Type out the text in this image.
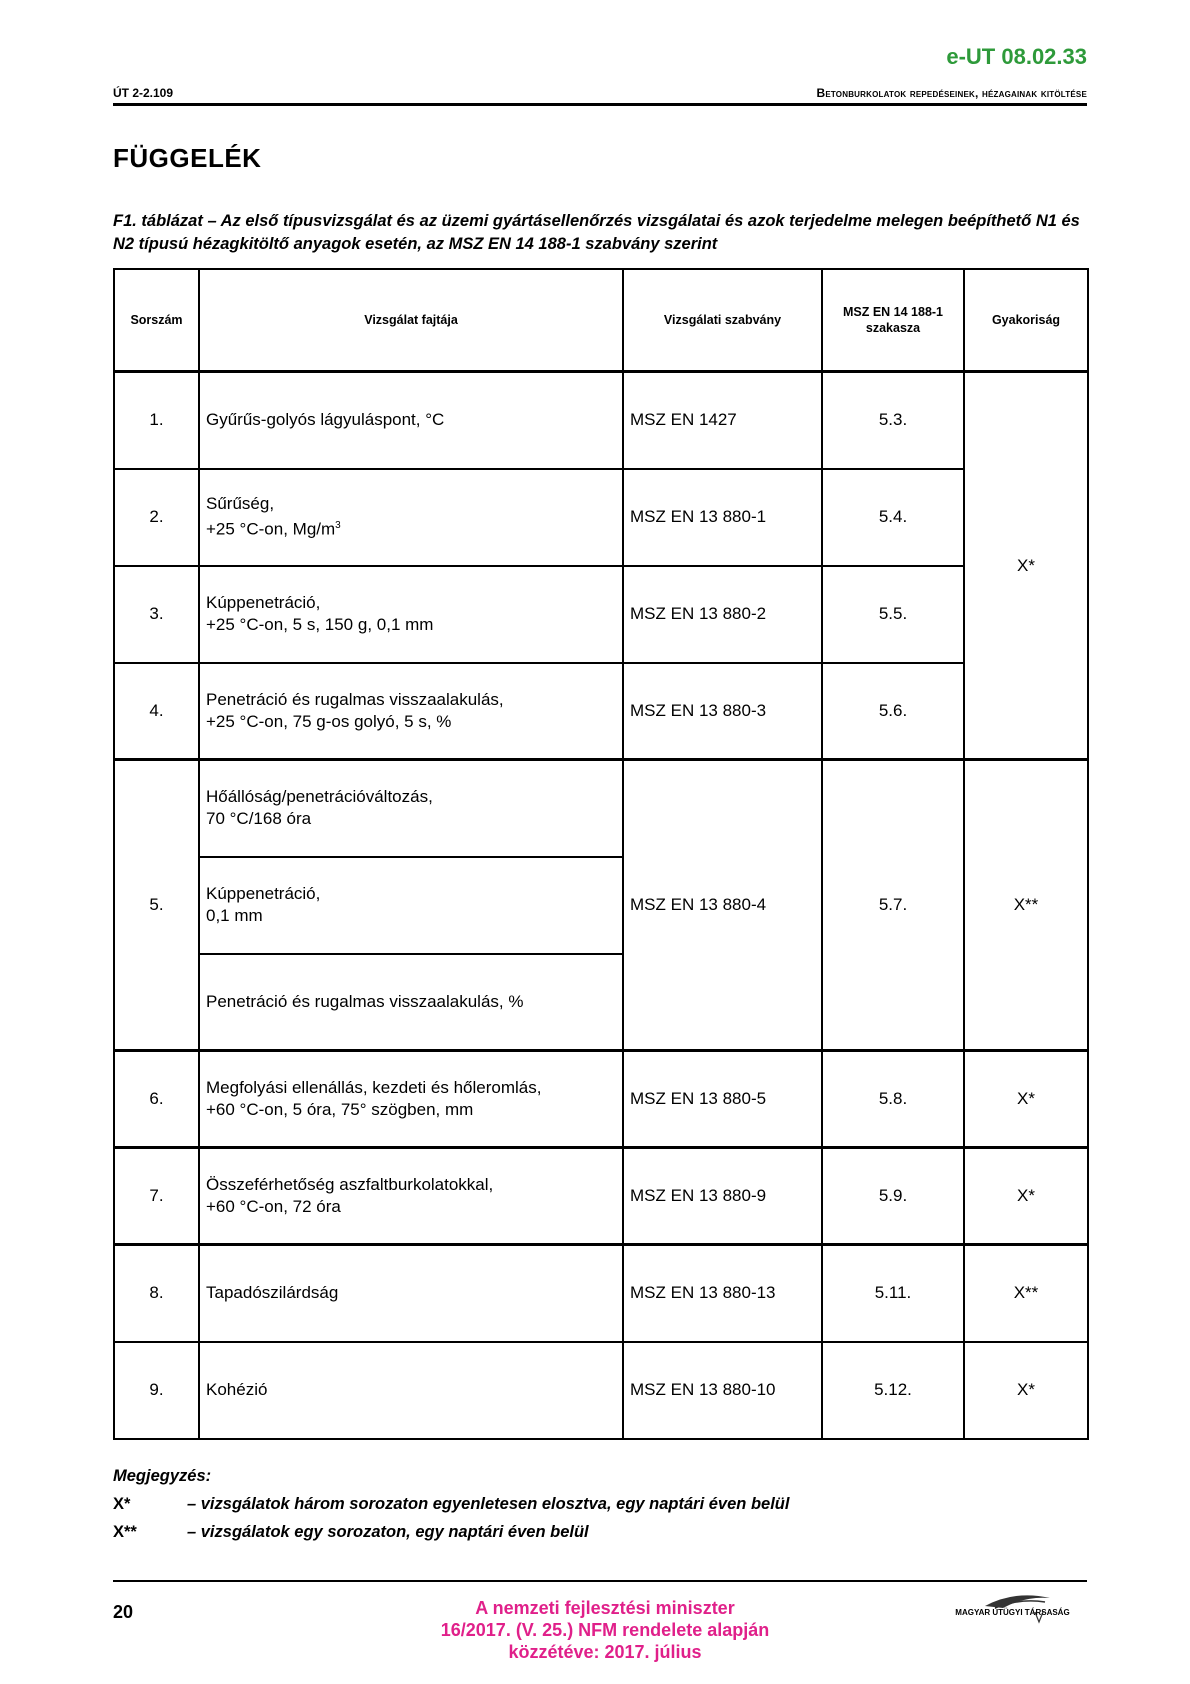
e-UT 08.02.33
ÚT 2-2.109	Betonburkolatok repedéseinek, hézagainak kitöltése
FÜGGELÉK
F1. táblázat – Az első típusvizsgálat és az üzemi gyártásellenőrzés vizsgálatai és azok terjedelme melegen beépíthető N1 és N2 típusú hézagkitöltő anyagok esetén, az MSZ EN 14 188-1 szabvány szerint
Sorszám	Vizsgálat fajtája	Vizsgálati szabvány	MSZ EN 14 188-1 szakasza	Gyakoriság
1.	Gyűrűs-golyós lágyuláspont, °C	MSZ EN 1427	5.3.	X*
2.	Sűrűség,
+25 °C-on, $Mg/m^3$	MSZ EN 13 880-1	5.4.	
3.	Kúppenetráció,
+25 °C-on, 5 s, 150 g, 0,1 mm	MSZ EN 13 880-2	5.5.	
4.	Penetráció és rugalmas visszaalakulás,
+25 °C-on, 75 g-os golyó, 5 s, %	MSZ EN 13 880-3	5.6.	
5.	Hőállóság/penetrációváltozás,
70 °C/168 óra	MSZ EN 13 880-4	5.7.	X**
	Kúppenetráció,
0,1 mm			
	Penetráció és rugalmas visszaalakulás, %			
6.	Megfolyási ellenállás, kezdeti és hőleromlás,
+60 °C-on, 5 óra, 75° szögben, mm	MSZ EN 13 880-5	5.8.	X*
7.	Összeférhetőség aszfaltburkolatokkal,
+60 °C-on, 72 óra	MSZ EN 13 880-9	5.9.	X*
8.	Tapadószilárdság	MSZ EN 13 880-13	5.11.	X**
9.	Kohézió	MSZ EN 13 880-10	5.12.	X*
Megjegyzés:
X*	– vizsgálatok három sorozaton egyenletesen elosztva, egy naptári éven belül
X**	– vizsgálatok egy sorozaton, egy naptári éven belül
20	A nemzeti fejlesztési miniszter
16/2017. (V. 25.) NFM rendelete alapján
közzétéve: 2017. július
MAGYAR ÚTÜGYI TÁRSASÁG
